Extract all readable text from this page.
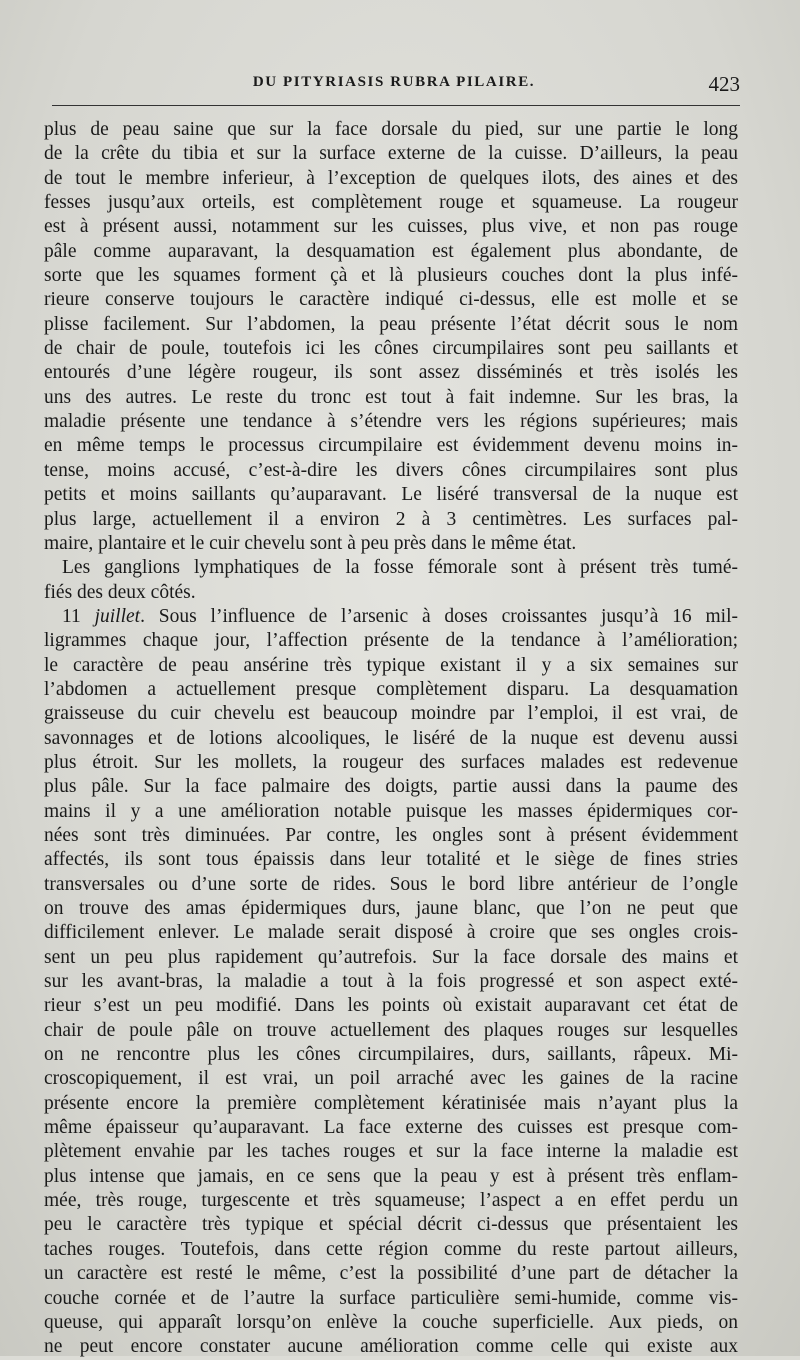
DU PITYRIASIS RUBRA PILAIRE.	423
plus de peau saine que sur la face dorsale du pied, sur une partie le long
de la crête du tibia et sur la surface externe de la cuisse. D’ailleurs, la peau
de tout le membre inferieur, à l’exception de quelques ilots, des aines et des
fesses jusqu’aux orteils, est complètement rouge et squameuse. La rougeur
est à présent aussi, notamment sur les cuisses, plus vive, et non pas rouge
pâle comme auparavant, la desquamation est également plus abondante, de
sorte que les squames forment çà et là plusieurs couches dont la plus infé-
rieure conserve toujours le caractère indiqué ci-dessus, elle est molle et se
plisse facilement. Sur l’abdomen, la peau présente l’état décrit sous le nom
de chair de poule, toutefois ici les cônes circumpilaires sont peu saillants et
entourés d’une légère rougeur, ils sont assez disséminés et très isolés les
uns des autres. Le reste du tronc est tout à fait indemne. Sur les bras, la
maladie présente une tendance à s’étendre vers les régions supérieures; mais
en même temps le processus circumpilaire est évidemment devenu moins in-
tense, moins accusé, c’est-à-dire les divers cônes circumpilaires sont plus
petits et moins saillants qu’auparavant. Le liséré transversal de la nuque est
plus large, actuellement il a environ 2 à 3 centimètres. Les surfaces pal-
maire, plantaire et le cuir chevelu sont à peu près dans le même état.
Les ganglions lymphatiques de la fosse fémorale sont à présent très tumé-
fiés des deux côtés.
11 juillet. Sous l’influence de l’arsenic à doses croissantes jusqu’à 16 mil-
ligrammes chaque jour, l’affection présente de la tendance à l’amélioration;
le caractère de peau ansérine très typique existant il y a six semaines sur
l’abdomen a actuellement presque complètement disparu. La desquamation
graisseuse du cuir chevelu est beaucoup moindre par l’emploi, il est vrai, de
savonnages et de lotions alcooliques, le liséré de la nuque est devenu aussi
plus étroit. Sur les mollets, la rougeur des surfaces malades est redevenue
plus pâle. Sur la face palmaire des doigts, partie aussi dans la paume des
mains il y a une amélioration notable puisque les masses épidermiques cor-
nées sont très diminuées. Par contre, les ongles sont à présent évidemment
affectés, ils sont tous épaissis dans leur totalité et le siège de fines stries
transversales ou d’une sorte de rides. Sous le bord libre antérieur de l’ongle
on trouve des amas épidermiques durs, jaune blanc, que l’on ne peut que
difficilement enlever. Le malade serait disposé à croire que ses ongles crois-
sent un peu plus rapidement qu’autrefois. Sur la face dorsale des mains et
sur les avant-bras, la maladie a tout à la fois progressé et son aspect exté-
rieur s’est un peu modifié. Dans les points où existait auparavant cet état de
chair de poule pâle on trouve actuellement des plaques rouges sur lesquelles
on ne rencontre plus les cônes circumpilaires, durs, saillants, râpeux. Mi-
croscopiquement, il est vrai, un poil arraché avec les gaines de la racine
présente encore la première complètement kératinisée mais n’ayant plus la
même épaisseur qu’auparavant. La face externe des cuisses est presque com-
plètement envahie par les taches rouges et sur la face interne la maladie est
plus intense que jamais, en ce sens que la peau y est à présent très enflam-
mée, très rouge, turgescente et très squameuse; l’aspect a en effet perdu un
peu le caractère très typique et spécial décrit ci-dessus que présentaient les
taches rouges. Toutefois, dans cette région comme du reste partout ailleurs,
un caractère est resté le même, c’est la possibilité d’une part de détacher la
couche cornée et de l’autre la surface particulière semi-humide, comme vis-
queuse, qui apparaît lorsqu’on enlève la couche superficielle. Aux pieds, on
ne peut encore constater aucune amélioration comme celle qui existe aux
